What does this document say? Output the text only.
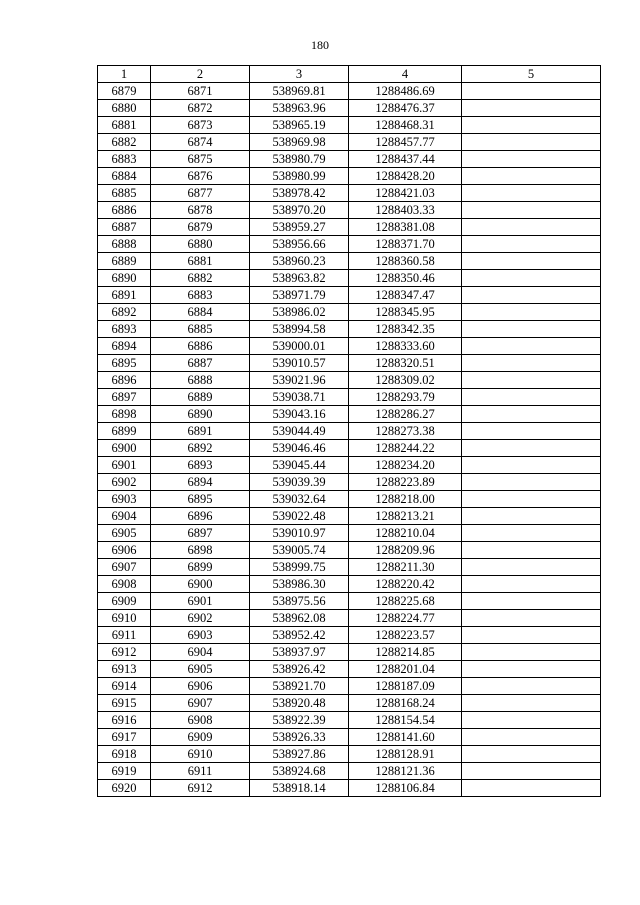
180
1	2	3	4	5
6879	6871	538969.81	1288486.69	
6880	6872	538963.96	1288476.37	
6881	6873	538965.19	1288468.31	
6882	6874	538969.98	1288457.77	
6883	6875	538980.79	1288437.44	
6884	6876	538980.99	1288428.20	
6885	6877	538978.42	1288421.03	
6886	6878	538970.20	1288403.33	
6887	6879	538959.27	1288381.08	
6888	6880	538956.66	1288371.70	
6889	6881	538960.23	1288360.58	
6890	6882	538963.82	1288350.46	
6891	6883	538971.79	1288347.47	
6892	6884	538986.02	1288345.95	
6893	6885	538994.58	1288342.35	
6894	6886	539000.01	1288333.60	
6895	6887	539010.57	1288320.51	
6896	6888	539021.96	1288309.02	
6897	6889	539038.71	1288293.79	
6898	6890	539043.16	1288286.27	
6899	6891	539044.49	1288273.38	
6900	6892	539046.46	1288244.22	
6901	6893	539045.44	1288234.20	
6902	6894	539039.39	1288223.89	
6903	6895	539032.64	1288218.00	
6904	6896	539022.48	1288213.21	
6905	6897	539010.97	1288210.04	
6906	6898	539005.74	1288209.96	
6907	6899	538999.75	1288211.30	
6908	6900	538986.30	1288220.42	
6909	6901	538975.56	1288225.68	
6910	6902	538962.08	1288224.77	
6911	6903	538952.42	1288223.57	
6912	6904	538937.97	1288214.85	
6913	6905	538926.42	1288201.04	
6914	6906	538921.70	1288187.09	
6915	6907	538920.48	1288168.24	
6916	6908	538922.39	1288154.54	
6917	6909	538926.33	1288141.60	
6918	6910	538927.86	1288128.91	
6919	6911	538924.68	1288121.36	
6920	6912	538918.14	1288106.84	
